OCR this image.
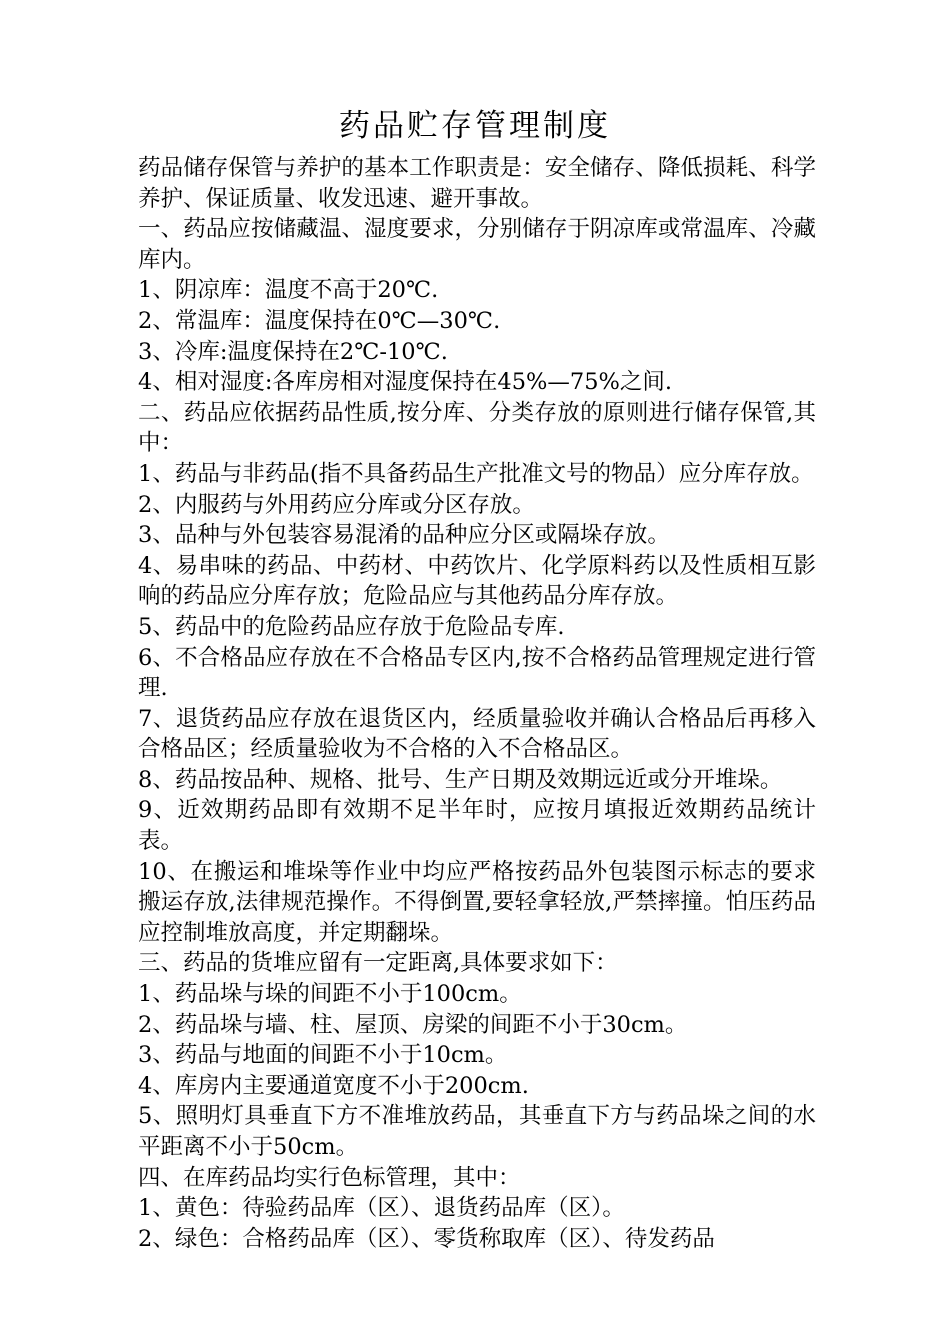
药品贮存管理制度

药品储存保管与养护的基本工作职责是：安全储存、降低损耗、科学养护、保证质量、收发迅速、避开事故。

一、药品应按储藏温、湿度要求，分别储存于阴凉库或常温库、冷藏库内。

1、阴凉库：温度不高于20℃.

2、常温库：温度保持在0℃—30℃.

3、冷库:温度保持在2℃-10℃.

4、相对湿度:各库房相对湿度保持在45%—75%之间.

二、药品应依据药品性质,按分库、分类存放的原则进行储存保管,其中：

1、药品与非药品(指不具备药品生产批准文号的物品）应分库存放。

2、内服药与外用药应分库或分区存放。

3、品种与外包装容易混淆的品种应分区或隔垛存放。

4、易串味的药品、中药材、中药饮片、化学原料药以及性质相互影响的药品应分库存放；危险品应与其他药品分库存放。

5、药品中的危险药品应存放于危险品专库.

6、不合格品应存放在不合格品专区内,按不合格药品管理规定进行管理.

7、退货药品应存放在退货区内，经质量验收并确认合格品后再移入合格品区；经质量验收为不合格的入不合格品区。

8、药品按品种、规格、批号、生产日期及效期远近或分开堆垛。

9、近效期药品即有效期不足半年时，应按月填报近效期药品统计表。

10、在搬运和堆垛等作业中均应严格按药品外包装图示标志的要求搬运存放,法律规范操作。不得倒置,要轻拿轻放,严禁摔撞。怕压药品应控制堆放高度，并定期翻垛。

三、药品的货堆应留有一定距离,具体要求如下：

1、药品垛与垛的间距不小于100cm。

2、药品垛与墙、柱、屋顶、房梁的间距不小于30cm。

3、药品与地面的间距不小于10cm。

4、库房内主要通道宽度不小于200cm.

5、照明灯具垂直下方不准堆放药品，其垂直下方与药品垛之间的水平距离不小于50cm。

四、在库药品均实行色标管理，其中：

1、黄色：待验药品库（区）、退货药品库（区）。

2、绿色：合格药品库（区）、零货称取库（区）、待发药品
